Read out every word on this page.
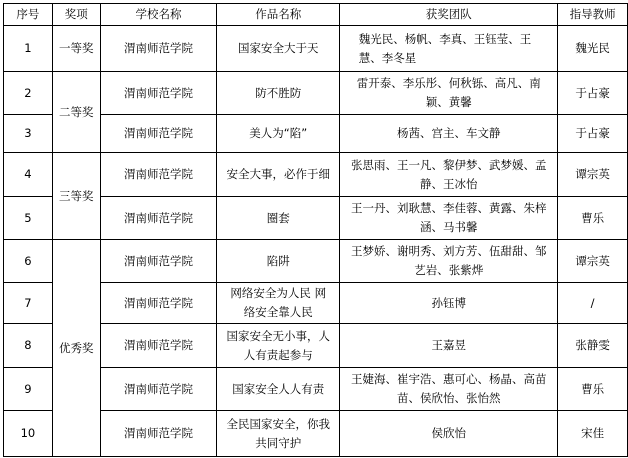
序号	奖项	学校名称	作品名称	获奖团队	指导教师
1	一等奖	渭南师范学院	国家安全大于天	魏光民、杨帆、李真、王钰莹、王慧、李冬星	魏光民
2	二等奖	渭南师范学院	防不胜防	雷开泰、李乐彤、何秋铄、高凡、南颖、黄馨	于占豪
3		渭南师范学院	美人为“陷”	杨茜、宫主、车文静	于占豪
4	三等奖	渭南师范学院	安全大事，必作于细	张思雨、王一凡、黎伊梦、武梦媛、孟静、王冰怡	谭宗英
5		渭南师范学院	圈套	王一丹、刘耿慧、李佳蓉、黄露、朱梓涵、马书馨	曹乐
6	优秀奖	渭南师范学院	陷阱	王梦娇、谢明秀、刘方芳、伍甜甜、邹艺岩、张紫烨	谭宗英
7		渭南师范学院	网络安全为人民 网络安全靠人民	孙钰博	/
8		渭南师范学院	国家安全无小事，人人有责起参与	王嘉昱	张静雯
9		渭南师范学院	国家安全人人有责	王婕海、崔宇浩、惠可心、杨晶、高苗苗、侯欣怡、张怡然	曹乐
10		渭南师范学院	全民国家安全，你我共同守护	侯欣怡	宋佳
